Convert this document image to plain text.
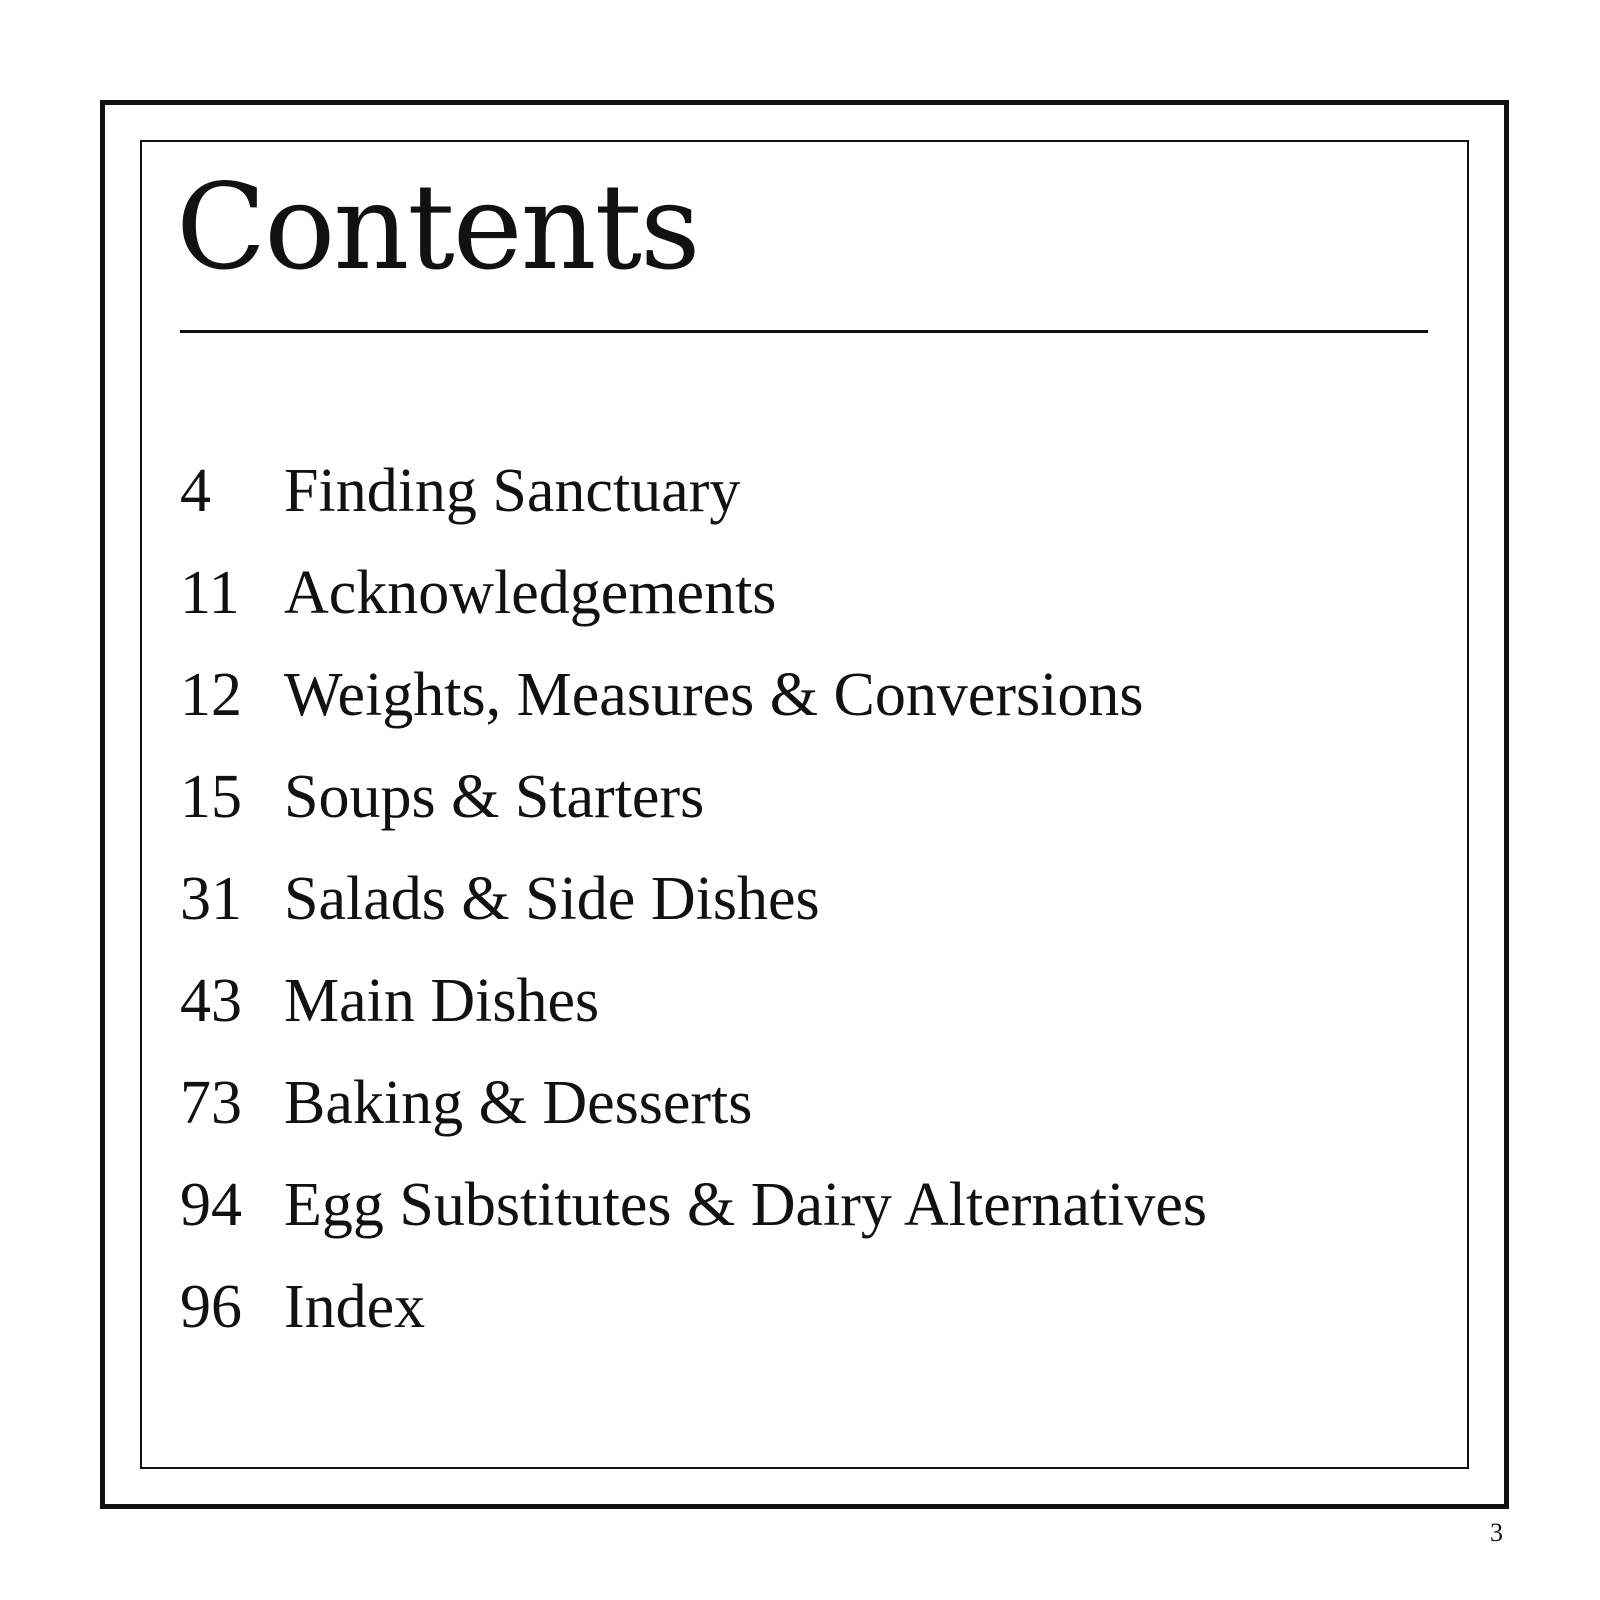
Contents
4	Finding Sanctuary
11 Acknowledgements
12 Weights, Measures & Conversions
15 Soups & Starters
31 Salads & Side Dishes
43 Main Dishes
73 Baking & Desserts
94 Egg Substitutes & Dairy Alternatives
96 Index
3
